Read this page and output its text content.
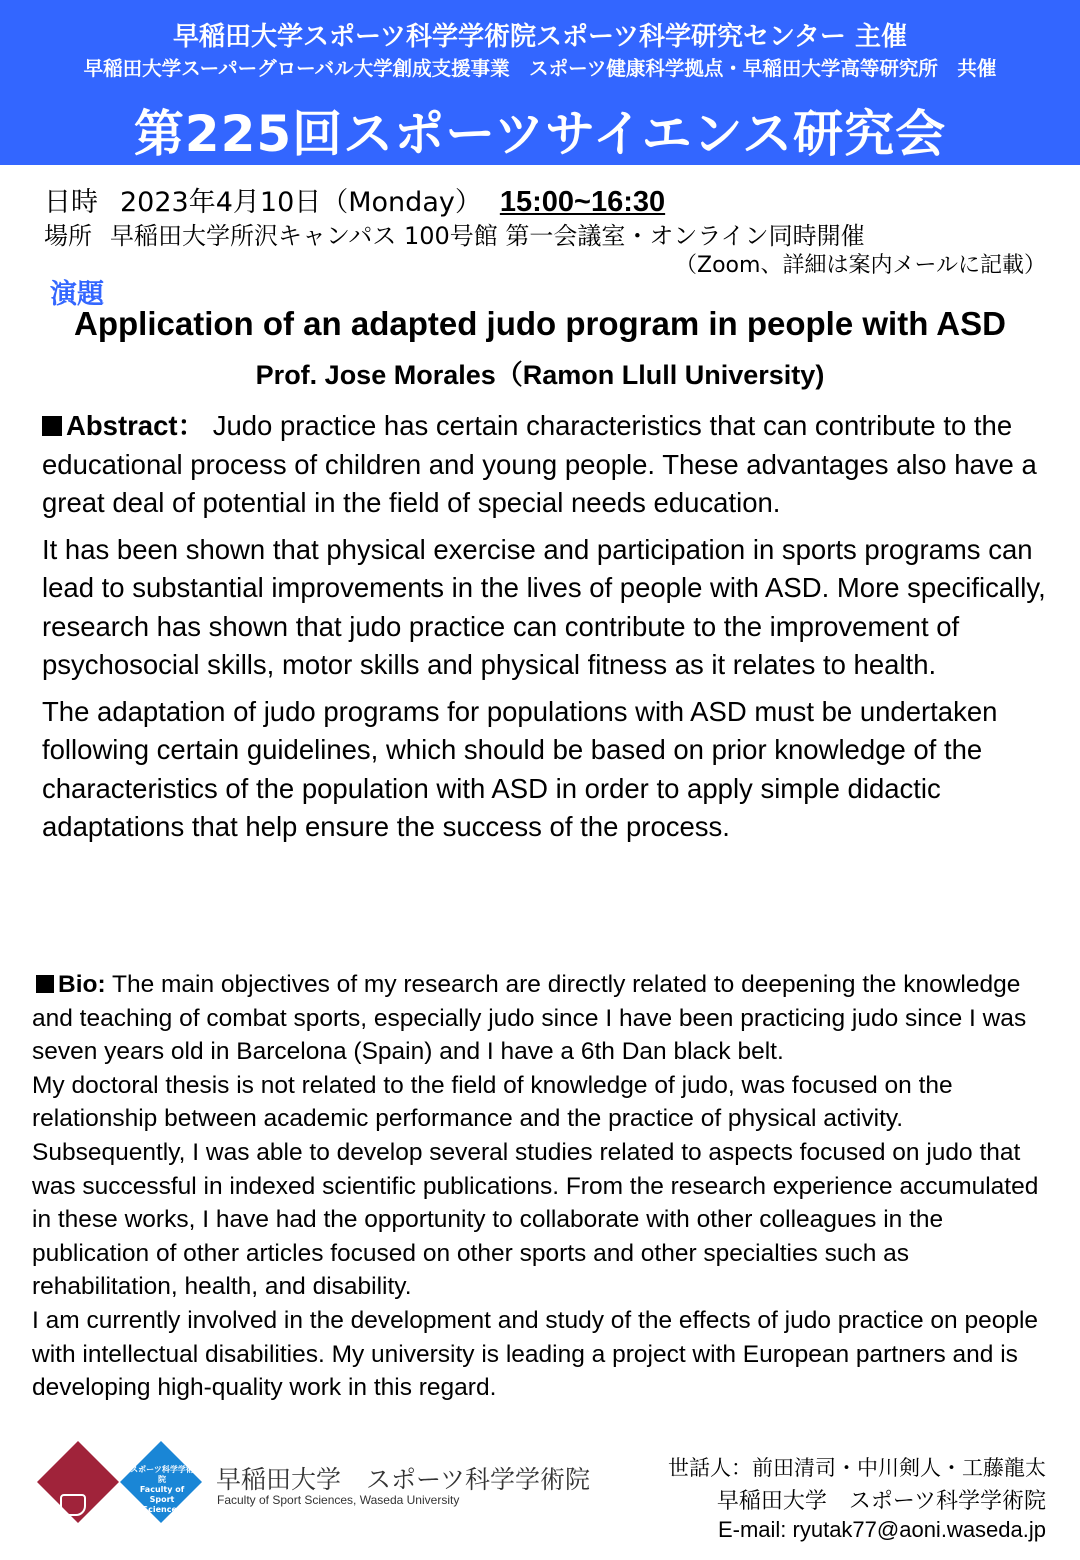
早稲田大学スポーツ科学学術院スポーツ科学研究センター 主催
早稲田大学スーパーグローバル大学創成支援事業　スポーツ健康科学拠点・早稲田大学高等研究所　共催
第225回スポーツサイエンス研究会
日時 2023年4月10日（Monday） 15:00~16:30
場所 早稲田大学所沢キャンパス 100号館 第一会議室・オンライン同時開催
（Zoom、詳細は案内メールに記載）
演題
Application of an adapted judo program in people with ASD
Prof. Jose Morales（Ramon Llull University)

Abstract： Judo practice has certain characteristics that can contribute to the educational process of children and young people. These advantages also have a great deal of potential in the field of special needs education.

It has been shown that physical exercise and participation in sports programs can lead to substantial improvements in the lives of people with ASD. More specifically, research has shown that judo practice can contribute to the improvement of psychosocial skills, motor skills and physical fitness as it relates to health.

The adaptation of judo programs for populations with ASD must be undertaken following certain guidelines, which should be based on prior knowledge of the characteristics of the population with ASD in order to apply simple didactic adaptations that help ensure the success of the process.

Bio: The main objectives of my research are directly related to deepening the knowledge and teaching of combat sports, especially judo since I have been practicing judo since I was seven years old in Barcelona (Spain) and I have a 6th Dan black belt.

My doctoral thesis is not related to the field of knowledge of judo, was focused on the relationship between academic performance and the practice of physical activity. Subsequently, I was able to develop several studies related to aspects focused on judo that was successful in indexed scientific publications. From the research experience accumulated in these works, I have had the opportunity to collaborate with other colleagues in the publication of other articles focused on other sports and other specialties such as rehabilitation, health, and disability.

I am currently involved in the development and study of the effects of judo practice on people with intellectual disabilities. My university is leading a project with European partners and is developing high-quality work in this regard.

スポーツ科学学術院
Faculty of
Sport Sciences
早稲田大学　スポーツ科学学術院
Faculty of Sport Sciences, Waseda University
世話人：前田清司・中川剣人・工藤龍太
早稲田大学　スポーツ科学学術院
E-mail: ryutak77@aoni.waseda.jp
